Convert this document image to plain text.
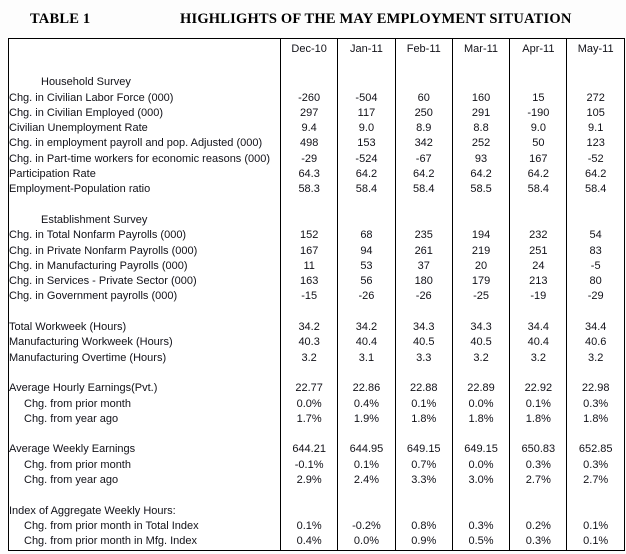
TABLE 1	HIGHLIGHTS OF THE MAY EMPLOYMENT SITUATION
	Dec-10	Jan-11	Feb-11	Mar-11	Apr-11	May-11

Household Survey						
Chg. in Civilian Labor Force (000)	-260	-504	60	160	15	272
Chg. in Civilian Employed (000)	297	117	250	291	-190	105
Civilian Unemployment Rate	9.4	9.0	8.9	8.8	9.0	9.1
Chg. in employment payroll and pop. Adjusted (000)	498	153	342	252	50	123
Chg. in Part-time workers for economic reasons (000)	-29	-524	-67	93	167	-52
Participation Rate	64.3	64.2	64.2	64.2	64.2	64.2
Employment-Population ratio	58.3	58.4	58.4	58.5	58.4	58.4

Establishment Survey						
Chg. in Total Nonfarm Payrolls (000)	152	68	235	194	232	54
Chg. in Private Nonfarm Payrolls (000)	167	94	261	219	251	83
Chg. in Manufacturing Payrolls (000)	11	53	37	20	24	-5
Chg. in Services - Private Sector (000)	163	56	180	179	213	80
Chg. in Government payrolls (000)	-15	-26	-26	-25	-19	-29

Total Workweek (Hours)	34.2	34.2	34.3	34.3	34.4	34.4
Manufacturing Workweek (Hours)	40.3	40.4	40.5	40.5	40.4	40.6
Manufacturing Overtime (Hours)	3.2	3.1	3.3	3.2	3.2	3.2

Average Hourly Earnings(Pvt.)	22.77	22.86	22.88	22.89	22.92	22.98
Chg. from prior month	0.0%	0.4%	0.1%	0.0%	0.1%	0.3%
Chg. from year ago	1.7%	1.9%	1.8%	1.8%	1.8%	1.8%

Average Weekly Earnings	644.21	644.95	649.15	649.15	650.83	652.85
Chg. from prior month	-0.1%	0.1%	0.7%	0.0%	0.3%	0.3%
Chg. from year ago	2.9%	2.4%	3.3%	3.0%	2.7%	2.7%

Index of Aggregate Weekly Hours:						
Chg. from prior month in Total Index	0.1%	-0.2%	0.8%	0.3%	0.2%	0.1%
Chg. from prior month in Mfg. Index	0.4%	0.0%	0.9%	0.5%	0.3%	0.1%
